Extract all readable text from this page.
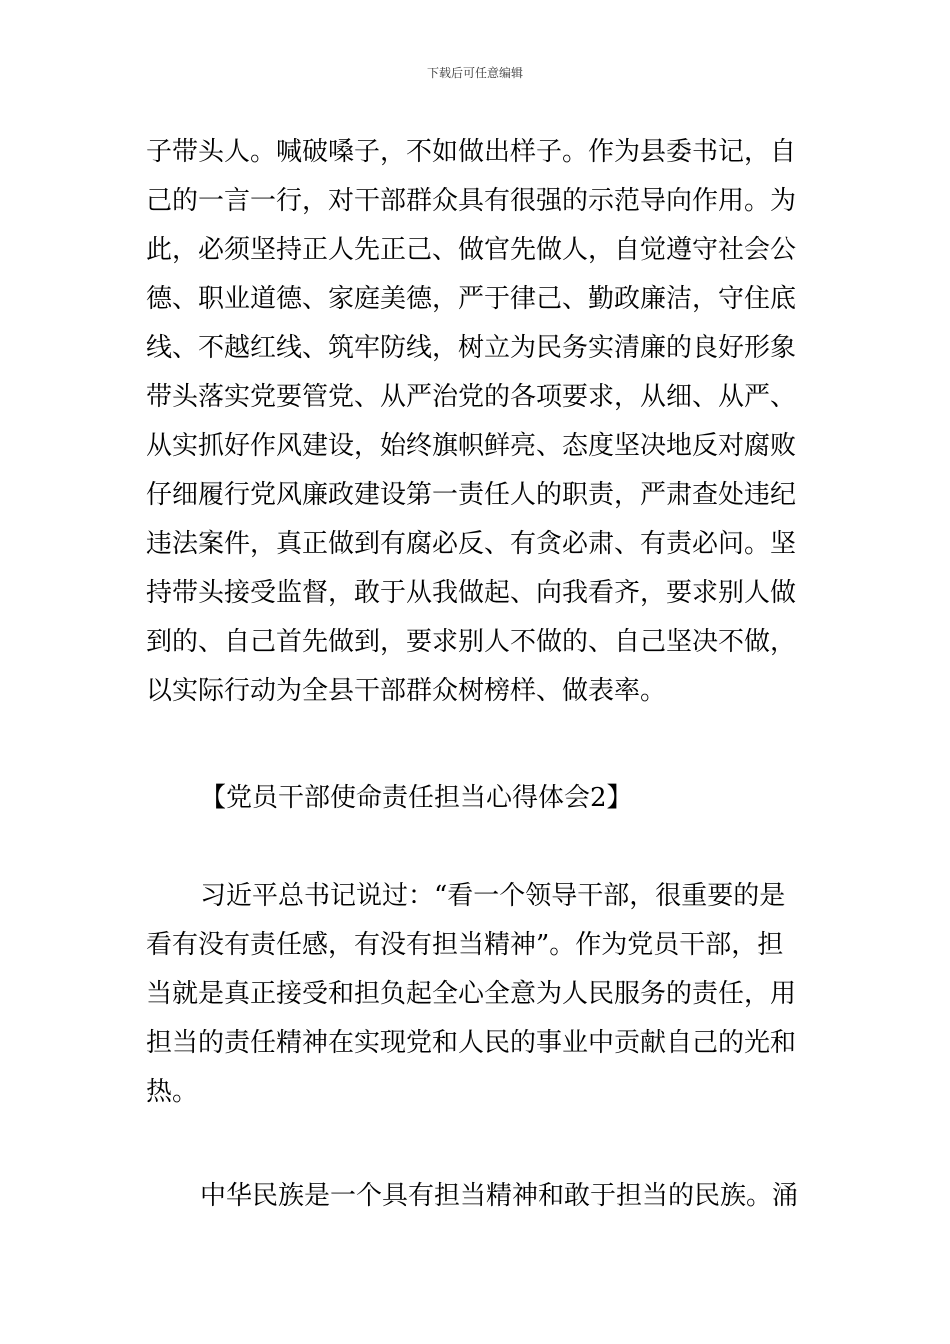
下载后可任意编辑
子带头人。喊破嗓子，不如做出样子。作为县委书记，自
己的一言一行，对干部群众具有很强的示范导向作用。为
此，必须坚持正人先正己、做官先做人，自觉遵守社会公
德、职业道德、家庭美德，严于律己、勤政廉洁，守住底
线、不越红线、筑牢防线，树立为民务实清廉的良好形象
带头落实党要管党、从严治党的各项要求，从细、从严、
从实抓好作风建设，始终旗帜鲜亮、态度坚决地反对腐败
仔细履行党风廉政建设第一责任人的职责，严肃查处违纪
违法案件，真正做到有腐必反、有贪必肃、有责必问。坚
持带头接受监督，敢于从我做起、向我看齐，要求别人做
到的、自己首先做到，要求别人不做的、自己坚决不做，
以实际行动为全县干部群众树榜样、做表率。
【党员干部使命责任担当心得体会2】
习近平总书记说过：“看一个领导干部，很重要的是
看有没有责任感，有没有担当精神”。作为党员干部，担
当就是真正接受和担负起全心全意为人民服务的责任，用
担当的责任精神在实现党和人民的事业中贡献自己的光和
热。
中华民族是一个具有担当精神和敢于担当的民族。涌
